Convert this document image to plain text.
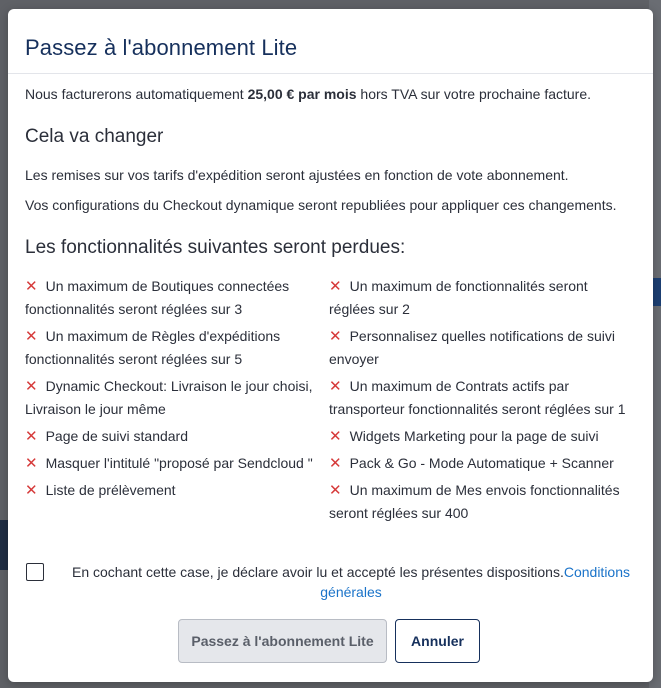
Passez à l'abonnement Lite

Nous facturerons automatiquement 25,00 € par mois hors TVA sur votre prochaine facture.

Cela va changer

Les remises sur vos tarifs d'expédition seront ajustées en fonction de vote abonnement.

Vos configurations du Checkout dynamique seront republiées pour appliquer ces changements.

Les fonctionnalités suivantes seront perdues:
✕ Un maximum de Boutiques connectées fonctionnalités seront réglées sur 3
✕ Un maximum de Règles d'expéditions fonctionnalités seront réglées sur 5
✕ Dynamic Checkout: Livraison le jour choisi, Livraison le jour même
✕ Page de suivi standard
✕ Masquer l'intitulé "proposé par Sendcloud "
✕ Liste de prélèvement
✕ Un maximum de fonctionnalités seront réglées sur 2
✕ Personnalisez quelles notifications de suivi envoyer
✕ Un maximum de Contrats actifs par transporteur fonctionnalités seront réglées sur 1
✕ Widgets Marketing pour la page de suivi
✕ Pack & Go - Mode Automatique + Scanner
✕ Un maximum de Mes envois fonctionnalités seront réglées sur 400

En cochant cette case, je déclare avoir lu et accepté les présentes dispositions.Conditions générales

Passez à l'abonnement Lite	Annuler
